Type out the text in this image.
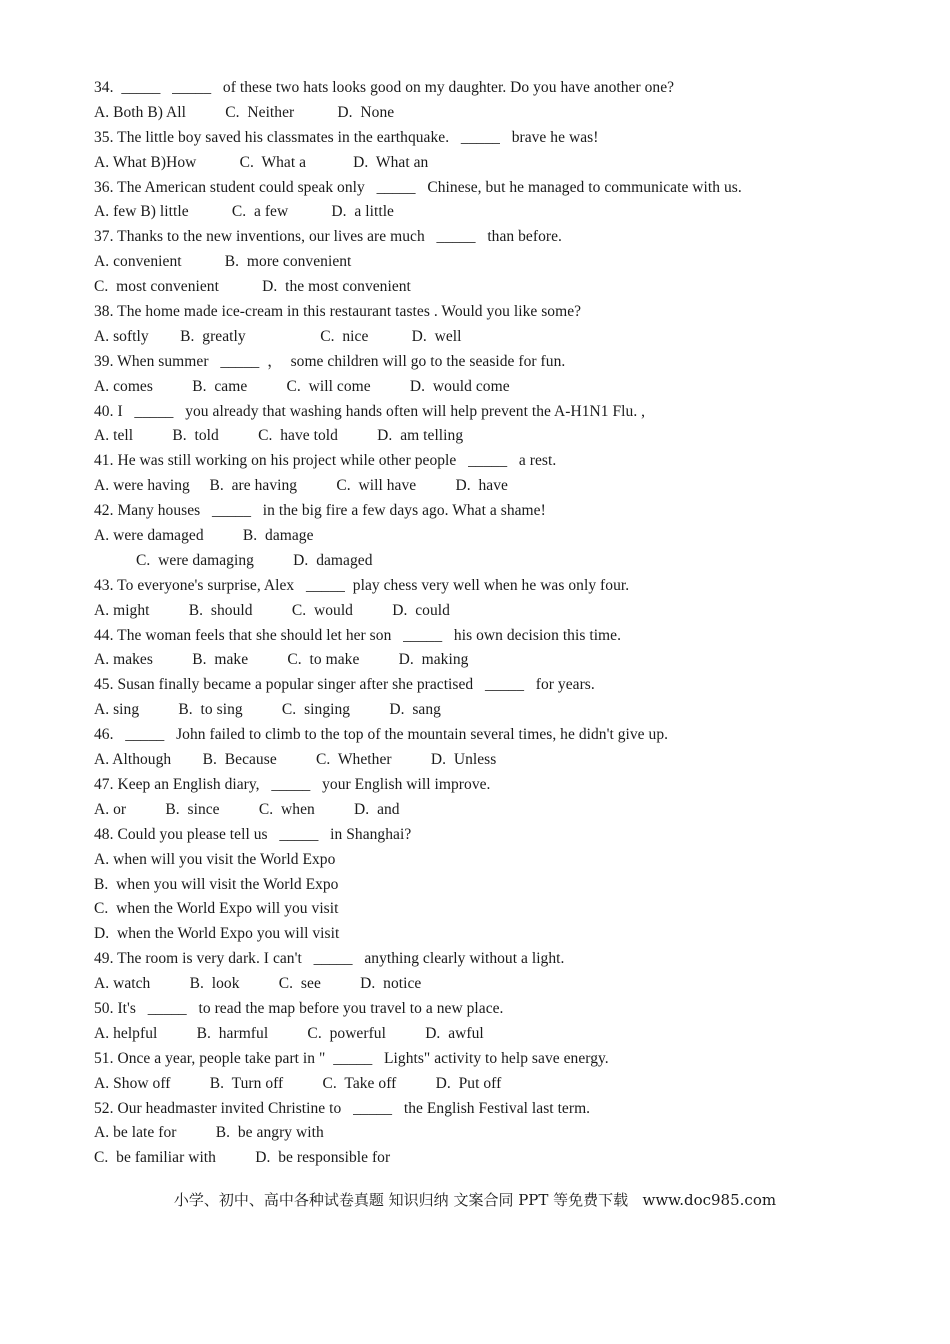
34.  _____   _____   of these two hats looks good on my daughter. Do you have another one?
A. Both B) All          C.  Neither           D.  None
35. The little boy saved his classmates in the earthquake.   _____   brave he was!
A. What B)How           C.  What a            D.  What an
36. The American student could speak only   _____   Chinese, but he managed to communicate with us.
A. few B) little           C.  a few           D.  a little
37. Thanks to the new inventions, our lives are much   _____   than before.
A. convenient           B.  more convenient
C.  most convenient           D.  the most convenient
38. The home made ice-cream in this restaurant tastes . Would you like some?
A. softly        B.  greatly                   C.  nice           D.  well
39. When summer   _____  ，  some children will go to the seaside for fun.
A. comes          B.  came          C.  will come          D.  would come
40. I   _____   you already that washing hands often will help prevent the A-H1N1 Flu. ,
A. tell          B.  told          C.  have told          D.  am telling
41. He was still working on his project while other people   _____   a rest.
A. were having     B.  are having          C.  will have          D.  have
42. Many houses   _____   in the big fire a few days ago. What a shame!
A. were damaged          B.  damage
C.  were damaging          D.  damaged
43. To everyone's surprise, Alex   _____  play chess very well when he was only four.
A. might          B.  should          C.  would          D.  could
44. The woman feels that she should let her son   _____   his own decision this time.
A. makes          B.  make          C.  to make          D.  making
45. Susan finally became a popular singer after she practised   _____   for years.
A. sing          B.  to sing          C.  singing          D.  sang
46.   _____   John failed to climb to the top of the mountain several times, he didn't give up.
A. Although        B.  Because          C.  Whether          D.  Unless
47. Keep an English diary,   _____   your English will improve.
A. or          B.  since          C.  when          D.  and
48. Could you please tell us   _____   in Shanghai?
A. when will you visit the World Expo
B.  when you will visit the World Expo
C.  when the World Expo will you visit
D.  when the World Expo you will visit
49. The room is very dark. I can't   _____   anything clearly without a light.
A. watch          B.  look          C.  see          D.  notice
50. It's   _____   to read the map before you travel to a new place.
A. helpful          B.  harmful          C.  powerful          D.  awful
51. Once a year, people take part in "  _____   Lights" activity to help save energy.
A. Show off          B.  Turn off          C.  Take off          D.  Put off
52. Our headmaster invited Christine to   _____   the English Festival last term.
A. be late for          B.  be angry with
C.  be familiar with          D.  be responsible for
小学、初中、高中各种试卷真题 知识归纳 文案合同 PPT 等免费下载   www.doc985.com
